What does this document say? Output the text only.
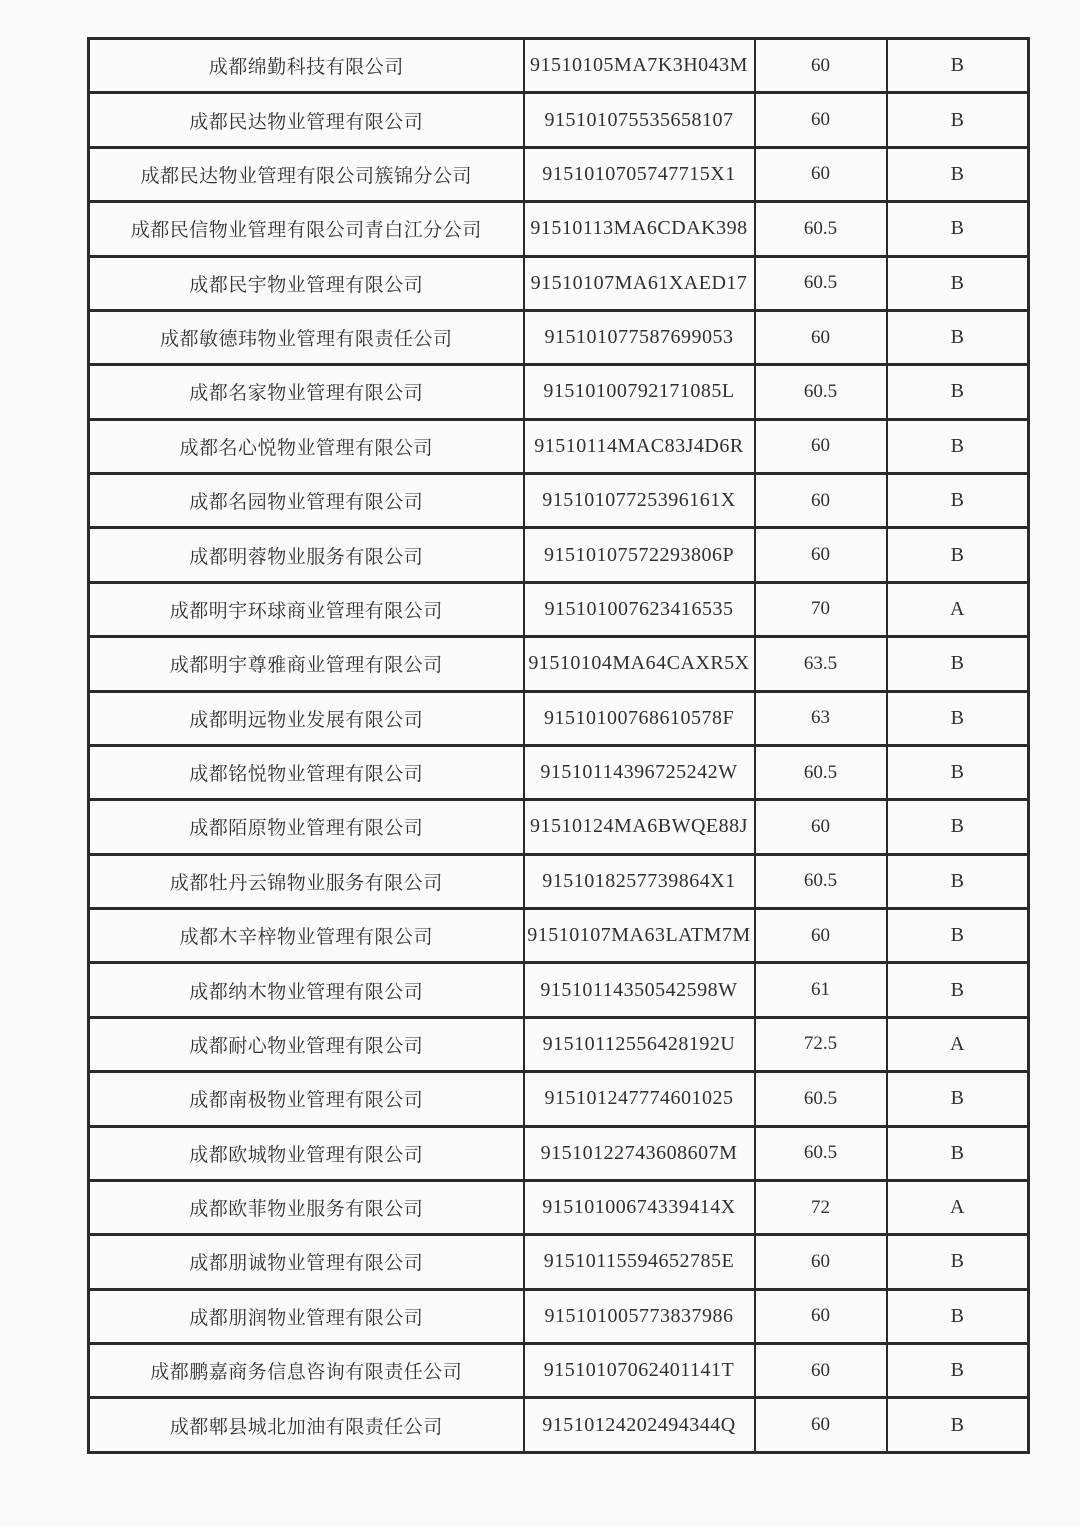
成都绵勤科技有限公司	91510105MA7K3H043M	60	B
成都民达物业管理有限公司	915101075535658107	60	B
成都民达物业管理有限公司簇锦分公司	9151010705747715X1	60	B
成都民信物业管理有限公司青白江分公司	91510113MA6CDAK398	60.5	B
成都民宇物业管理有限公司	91510107MA61XAED17	60.5	B
成都敏德玮物业管理有限责任公司	915101077587699053	60	B
成都名家物业管理有限公司	91510100792171085L	60.5	B
成都名心悦物业管理有限公司	91510114MAC83J4D6R	60	B
成都名园物业管理有限公司	91510107725396161X	60	B
成都明蓉物业服务有限公司	91510107572293806P	60	B
成都明宇环球商业管理有限公司	915101007623416535	70	A
成都明宇尊雅商业管理有限公司	91510104MA64CAXR5X	63.5	B
成都明远物业发展有限公司	91510100768610578F	63	B
成都铭悦物业管理有限公司	91510114396725242W	60.5	B
成都陌原物业管理有限公司	91510124MA6BWQE88J	60	B
成都牡丹云锦物业服务有限公司	9151018257739864X1	60.5	B
成都木辛梓物业管理有限公司	91510107MA63LATM7M	60	B
成都纳木物业管理有限公司	91510114350542598W	61	B
成都耐心物业管理有限公司	91510112556428192U	72.5	A
成都南极物业管理有限公司	915101247774601025	60.5	B
成都欧城物业管理有限公司	91510122743608607M	60.5	B
成都欧菲物业服务有限公司	91510100674339414X	72	A
成都朋诚物业管理有限公司	91510115594652785E	60	B
成都朋润物业管理有限公司	915101005773837986	60	B
成都鹏嘉商务信息咨询有限责任公司	91510107062401141T	60	B
成都郫县城北加油有限责任公司	91510124202494344Q	60	B
